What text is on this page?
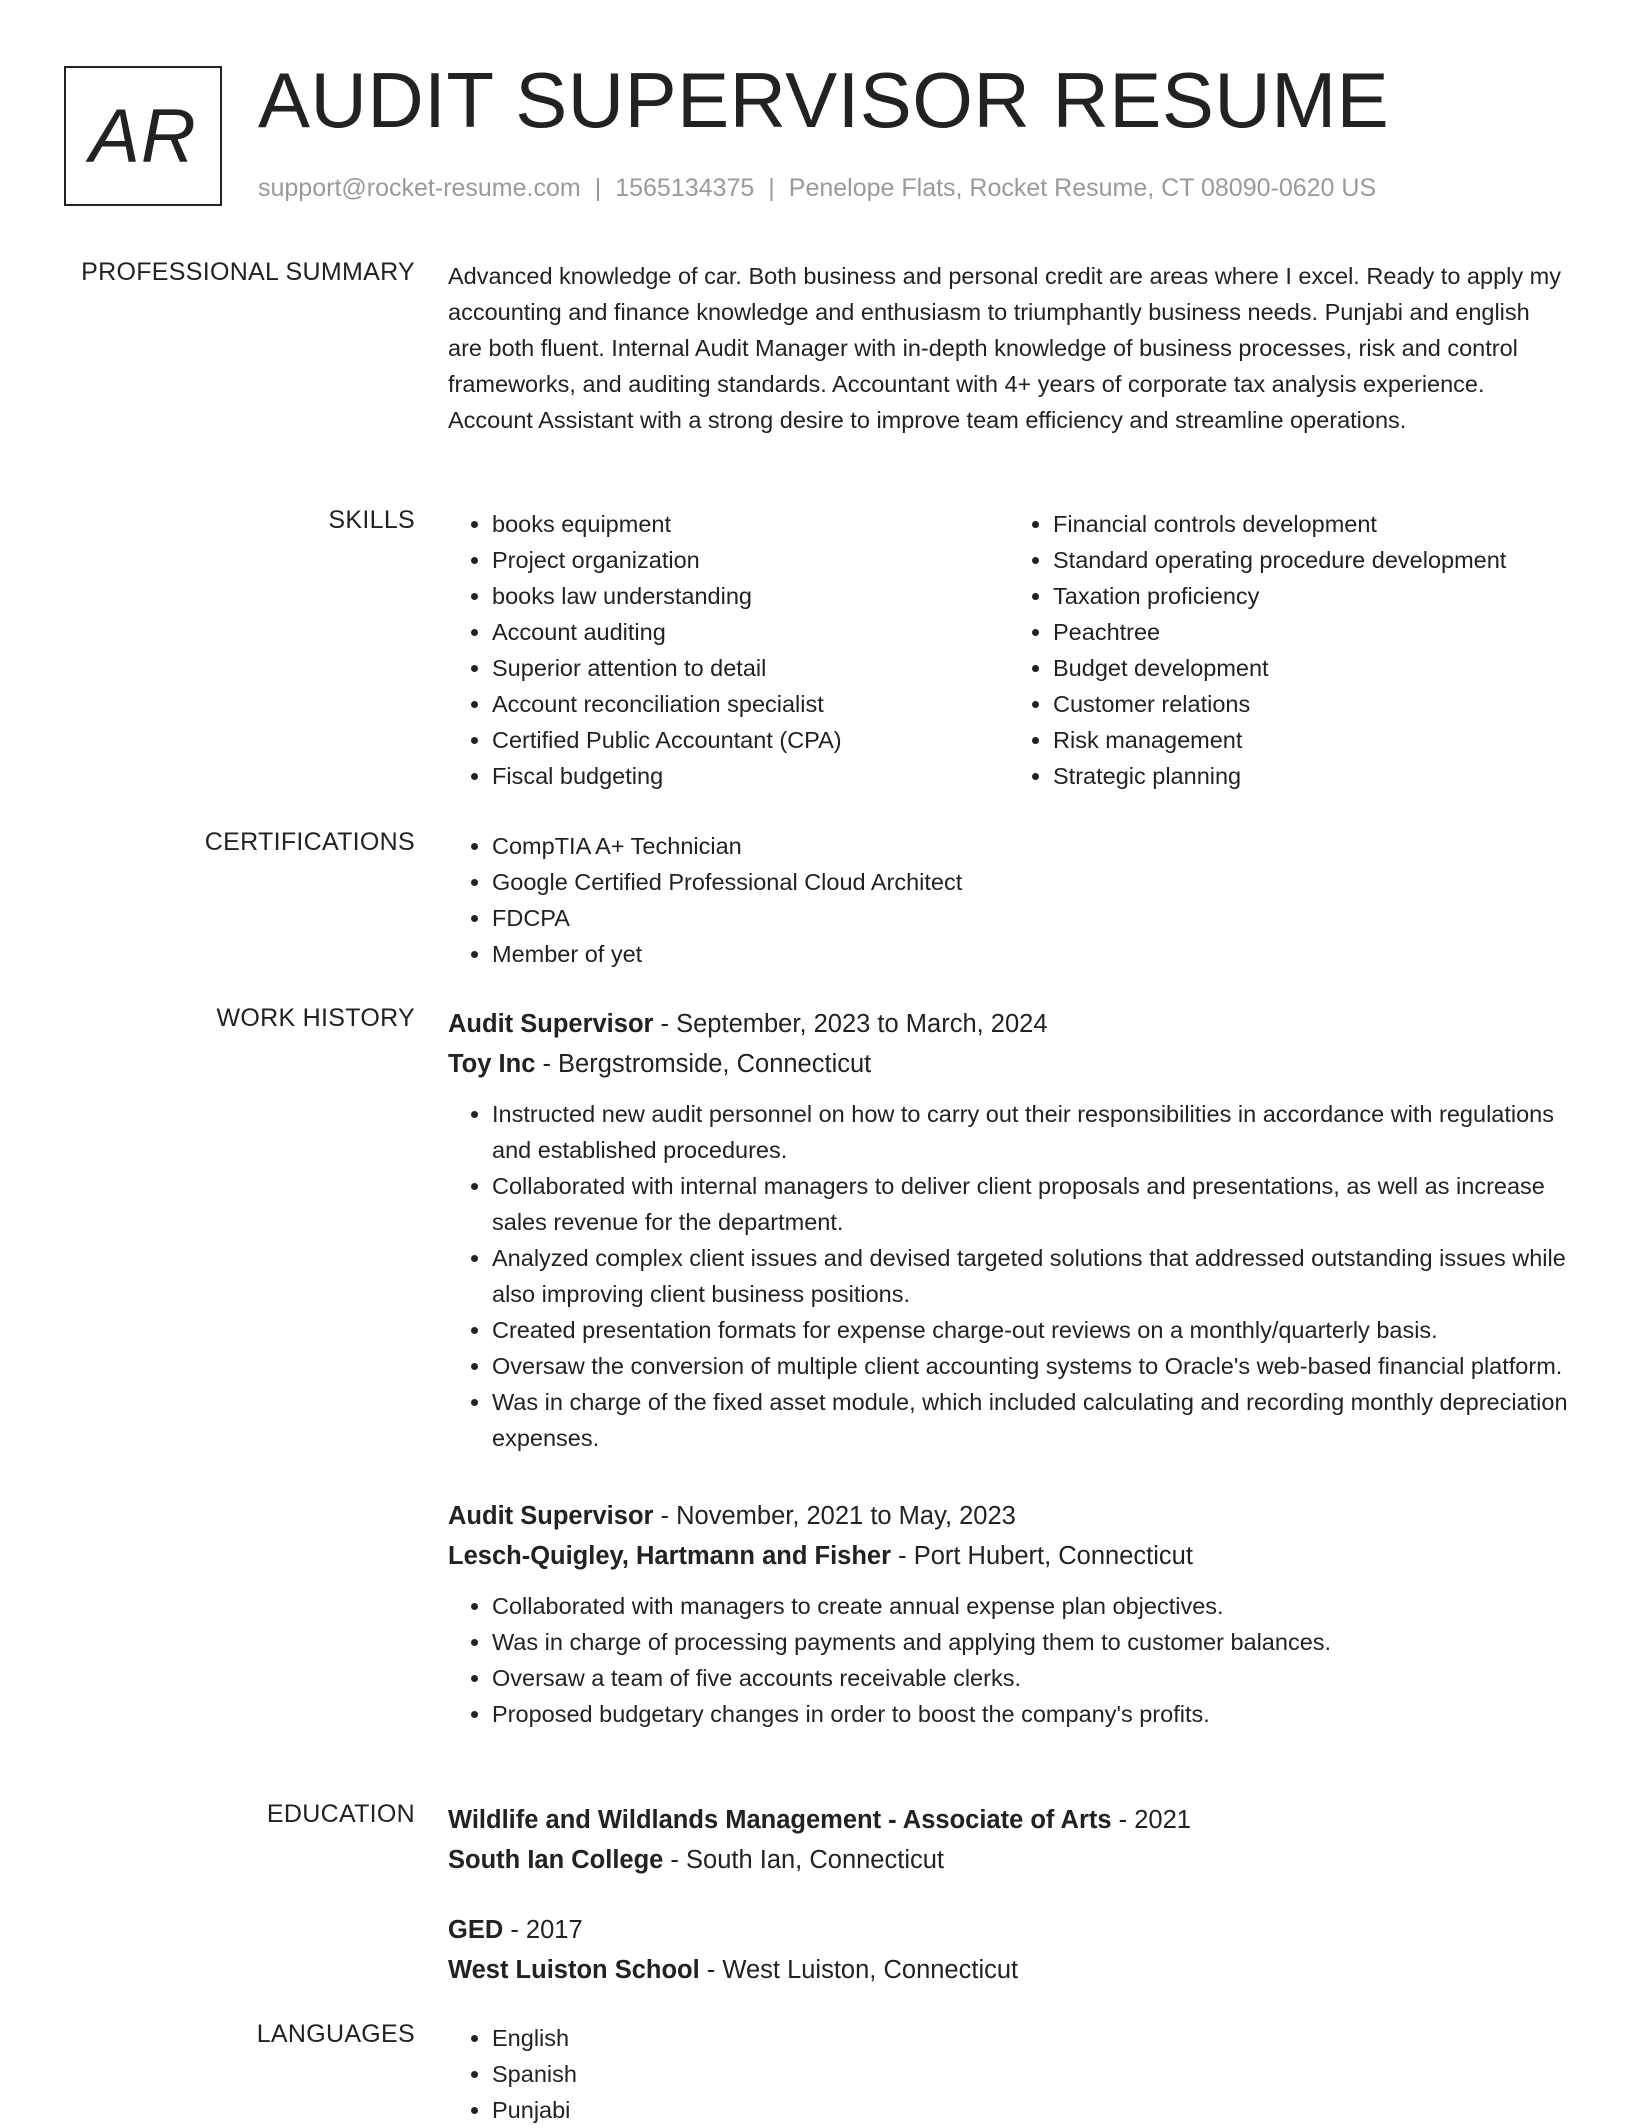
AR AUDIT SUPERVISOR RESUME
support@rocket-resume.com | 1565134375 | Penelope Flats, Rocket Resume, CT 08090-0620 US
PROFESSIONAL SUMMARY Advanced knowledge of car. Both business and personal credit are areas where I excel. Ready to apply my accounting and finance knowledge and enthusiasm to triumphantly business needs. Punjabi and english are both fluent. Internal Audit Manager with in-depth knowledge of business processes, risk and control frameworks, and auditing standards. Accountant with 4+ years of corporate tax analysis experience. Account Assistant with a strong desire to improve team efficiency and streamline operations.

SKILLS	• books equipment
• Project organization
• books law understanding
• Account auditing
• Superior attention to detail
• Account reconciliation specialist
• Certified Public Accountant (CPA)
• Fiscal budgeting
• Financial controls development
• Standard operating procedure development
• Taxation proficiency
• Peachtree
• Budget development
• Customer relations
• Risk management
• Strategic planning
CERTIFICATIONS	• CompTIA A+ Technician
• Google Certified Professional Cloud Architect
• FDCPA
• Member of yet
WORK HISTORY Audit Supervisor - September, 2023 to March, 2024
Toy Inc - Bergstromside, Connecticut
• Instructed new audit personnel on how to carry out their responsibilities in accordance with regulations and established procedures.
• Collaborated with internal managers to deliver client proposals and presentations, as well as increase sales revenue for the department.
• Analyzed complex client issues and devised targeted solutions that addressed outstanding issues while also improving client business positions.
• Created presentation formats for expense charge-out reviews on a monthly/quarterly basis.
• Oversaw the conversion of multiple client accounting systems to Oracle's web-based financial platform.
• Was in charge of the fixed asset module, which included calculating and recording monthly depreciation expenses.
Audit Supervisor - November, 2021 to May, 2023
Lesch-Quigley, Hartmann and Fisher - Port Hubert, Connecticut
• Collaborated with managers to create annual expense plan objectives.
• Was in charge of processing payments and applying them to customer balances.
• Oversaw a team of five accounts receivable clerks.
• Proposed budgetary changes in order to boost the company's profits.
EDUCATION Wildlife and Wildlands Management - Associate of Arts - 2021
South Ian College - South Ian, Connecticut
GED - 2017
West Luiston School - West Luiston, Connecticut
LANGUAGES	• English
• Spanish
• Punjabi
